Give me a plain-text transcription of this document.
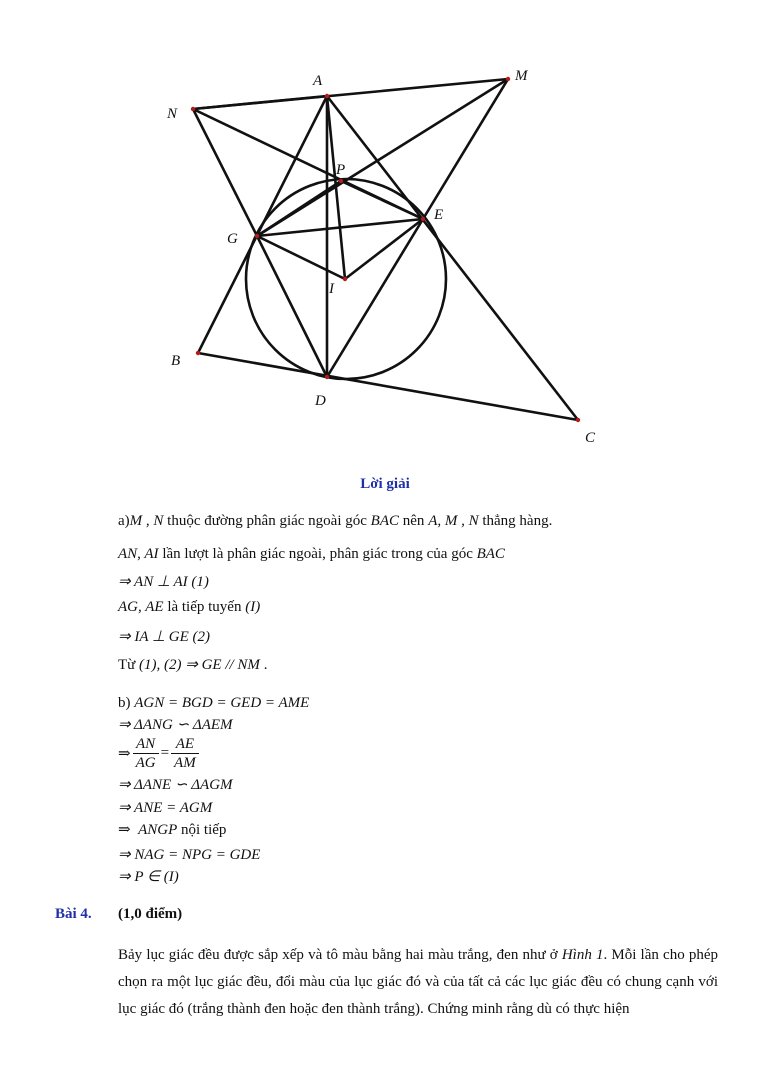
A	M
N
P
E
G
I
B
D
C
Lời giải
a)M , N thuộc đường phân giác ngoài góc BAC nên A, M , N thẳng hàng.
AN, AI lần lượt là phân giác ngoài, phân giác trong của góc BAC
⇒ AN ⊥ AI (1)
AG, AE là tiếp tuyến (I)
⇒ IA ⊥ GE (2)
Từ (1), (2) ⇒ GE // NM .
b) AGN = BGD = GED = AME
⇒ ΔANG ∽ ΔAEM
⇒ $\frac{AN}{AG} = \frac{AE}{AM}$
⇒ ΔANE ∽ ΔAGM
⇒ ANE = AGM
⇒ ANGP nội tiếp
⇒ NAG = NPG = GDE
⇒ P ∈ (I)
Bài 4. (1,0 điểm)
Bảy lục giác đều được sắp xếp và tô màu bằng hai màu trắng, đen như ở Hình 1. Mỗi lần cho phép chọn ra một lục giác đều, đổi màu của lục giác đó và của tất cả các lục giác đều có chung cạnh với lục giác đó (trắng thành đen hoặc đen thành trắng). Chứng minh rằng dù có thực hiện
